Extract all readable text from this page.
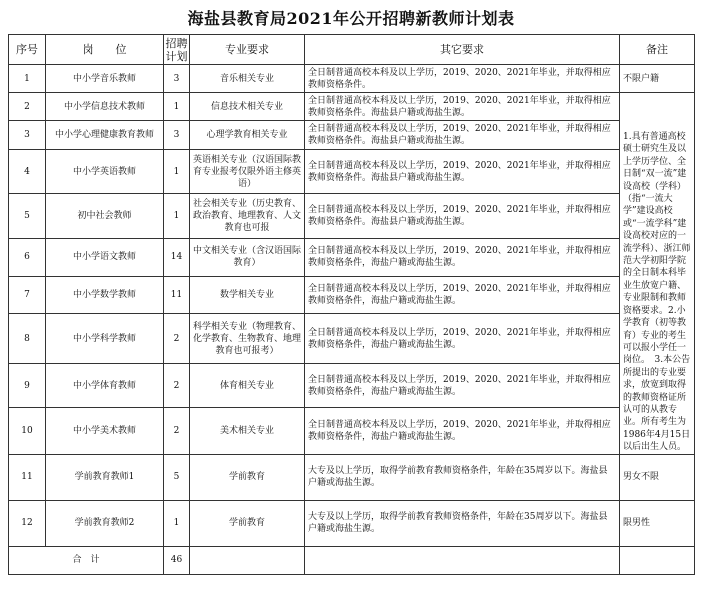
海盐县教育局2021年公开招聘新教师计划表
序号	岗　　位	招聘计划	专业要求	其它要求	备注
1	中小学音乐教师	3	音乐相关专业	全日制普通高校本科及以上学历，2019、2020、2021年毕业，并取得相应教师资格条件。	不限户籍
2	中小学信息技术教师	1	信息技术相关专业	全日制普通高校本科及以上学历，2019、2020、2021年毕业，并取得相应教师资格条件。海盐县户籍或海盐生源。	1.具有普通高校硕士研究生及以上学历学位、全日制“双一流”建设高校（学科）（指“一流大学”建设高校或“一流学科”建设高校对应的一流学科）、浙江师范大学初阳学院的全日制本科毕业生放宽户籍、专业限制和教师资格要求。2.小学教育（初等教育）专业的考生可以报小学任一岗位。　3.本公告所提出的专业要求，放宽到取得的教师资格证所认可的从教专业。所有考生为1986年4月15日以后出生人员。
3	中小学心理健康教育教师	3	心理学教育相关专业	全日制普通高校本科及以上学历，2019、2020、2021年毕业，并取得相应教师资格条件。海盐县户籍或海盐生源。	
4	中小学英语教师	1	英语相关专业（汉语国际教育专业报考仅限外语主修英语）	全日制普通高校本科及以上学历，2019、2020、2021年毕业，并取得相应教师资格条件。海盐县户籍或海盐生源。	
5	初中社会教师	1	社会相关专业（历史教育、政治教育、地理教育、人文教育也可报	全日制普通高校本科及以上学历，2019、2020、2021年毕业，并取得相应教师资格条件。海盐县户籍或海盐生源。	
6	中小学语文教师	14	中文相关专业（含汉语国际教育）	全日制普通高校本科及以上学历，2019、2020、2021年毕业，并取得相应教师资格条件，海盐户籍或海盐生源。	
7	中小学数学教师	11	数学相关专业	全日制普通高校本科及以上学历，2019、2020、2021年毕业，并取得相应教师资格条件，海盐户籍或海盐生源。	
8	中小学科学教师	2	科学相关专业（物理教育、化学教育、生物教育、地理教育也可报考）	全日制普通高校本科及以上学历，2019、2020、2021年毕业，并取得相应教师资格条件，海盐户籍或海盐生源。	
9	中小学体育教师	2	体育相关专业	全日制普通高校本科及以上学历，2019、2020、2021年毕业，并取得相应教师资格条件，海盐户籍或海盐生源。	
10	中小学美术教师	2	美术相关专业	全日制普通高校本科及以上学历，2019、2020、2021年毕业，并取得相应教师资格条件，海盐户籍或海盐生源。	
11	学前教育教师1	5	学前教育	大专及以上学历，取得学前教育教师资格条件，年龄在35周岁以下。海盐县户籍或海盐生源。	男女不限
12	学前教育教师2	1	学前教育	大专及以上学历，取得学前教育教师资格条件，年龄在35周岁以下。海盐县户籍或海盐生源。	限男性
合　计		46			
